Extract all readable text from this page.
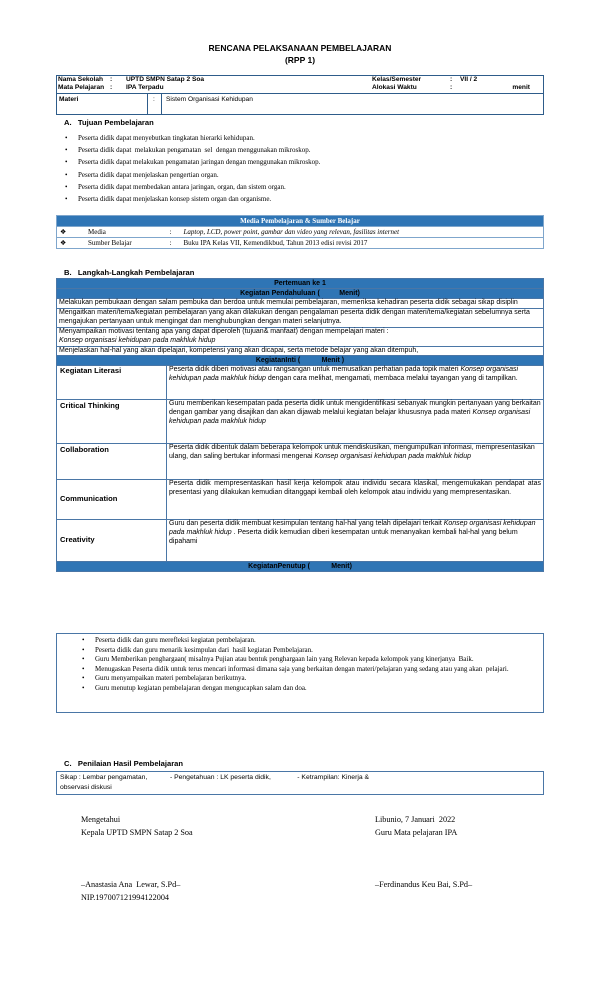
RENCANA PELAKSANAAN PEMBELAJARAN
(RPP 1)
Nama Sekolah	:	UPTD SMPN Satap 2 Soa	Kelas/Semester	:	VII / 2
Mata Pelajaran	:	IPA Terpadu	Alokasi Waktu	:	menit
Materi	: Sistem Organisasi Kehidupan
A.   Tujuan Pembelajaran
• Peserta didik dapat menyebutkan tingkatan hierarki kehidupan.
• Peserta didik dapat  melakukan pengamatan  sel  dengan menggunakan mikroskop.
• Peserta didik dapat melakukan pengamatan jaringan dengan menggunakan mikroskop.
• Peserta didik dapat menjelaskan pengertian organ.
• Peserta didik dapat membedakan antara jaringan, organ, dan sistem organ.
• Peserta didik dapat menjelaskan konsep sistem organ dan organisme.
Media Pembelajaran & Sumber Belajar		
❖ Media	:	Laptop, LCD, power point, gambar dan video yang relevan, fasilitas internet
❖ Sumber Belajar	:	Buku IPA Kelas VII, Kemendikbud, Tahun 2013 edisi revisi 2017
B.   Langkah-Langkah Pembelajaran
Pertemuan ke 1	
Kegiatan Pendahuluan (          Menit)	
Melakukan pembukaan dengan salam pembuka dan berdoa untuk memulai pembelajaran, memeriksa kehadiran peserta didik sebagai sikap disiplin	
Mengaitkan materi/tema/kegiatan pembelajaran yang akan dilakukan dengan pengalaman peserta didik dengan materi/tema/kegiatan sebelumnya serta mengajukan pertanyaan untuk mengingat dan menghubungkan dengan materi selanjutnya.	
Menyampaikan motivasi tentang apa yang dapat diperoleh (tujuan& manfaat) dengan mempelajari materi :
Konsep organisasi kehidupan pada makhluk hidup	
Menjelaskan hal-hal yang akan dipelajari, kompetensi yang akan dicapai, serta metode belajar yang akan ditempuh,	
KegiatanInti (           Menit )	
Kegiatan Literasi	Peserta didik diberi motivasi atau rangsangan untuk memusatkan perhatian pada topik materi Konsep organisasi kehidupan pada makhluk hidup dengan cara melihat, mengamati, membaca melalui tayangan yang di tampilkan.
Critical Thinking	Guru memberikan kesempatan pada peserta didik untuk mengidentifikasi sebanyak mungkin pertanyaan yang berkaitan dengan gambar yang disajikan dan akan dijawab melalui kegiatan belajar khususnya pada materi Konsep organisasi kehidupan pada makhluk hidup
Collaboration	Peserta didik dibentuk dalam beberapa kelompok untuk mendiskusikan, mengumpulkan informasi, mempresentasikan ulang, dan saling bertukar informasi mengenai Konsep organisasi kehidupan pada makhluk hidup
Communication	Peserta didik mempresentasikan hasil kerja kelompok atau individu secara klasikal, mengemukakan pendapat atas presentasi yang dilakukan kemudian ditanggapi kembali oleh kelompok atau individu yang mempresentasikan.
Creativity	Guru dan peserta didik membuat kesimpulan tentang hal-hal yang telah dipelajari terkait Konsep organisasi kehidupan pada makhluk hidup . Peserta didik kemudian diberi kesempatan untuk menanyakan kembali hal-hal yang belum dipahami
KegiatanPenutup (           Menit)	
• Peserta didik dan guru merefleksi kegiatan pembelajaran.
• Peserta didik dan guru menarik kesimpulan dari  hasil kegiatan Pembelajaran.
• Guru Memberikan penghargaan( misalnya Pujian atau bentuk penghargaan lain yang Relevan kepada kelompok yang kinerjanya  Baik.
• Menugaskan Peserta didik untuk terus mencari informasi dimana saja yang berkaitan dengan materi/pelajaran yang sedang atau yang akan  pelajari.
• Guru menyampaikan materi pembelajaran berikutnya.
• Guru menutup kegiatan pembelajaran dengan mengucapkan salam dan doa.
C.   Penilaian Hasil Pembelajaran
Sikap : Lembar pengamatan,            - Pengetahuan : LK peserta didik,              - Ketrampilan: Kinerja &
observasi diskusi
Mengetahui
Kepala UPTD SMPN Satap 2 Soa
Libunio, 7 Januari  2022
Guru Mata pelajaran IPA
–Anastasia Ana  Lewar, S.Pd–
NIP.197007121994122004
–Ferdinandus Keu Bai, S.Pd–
